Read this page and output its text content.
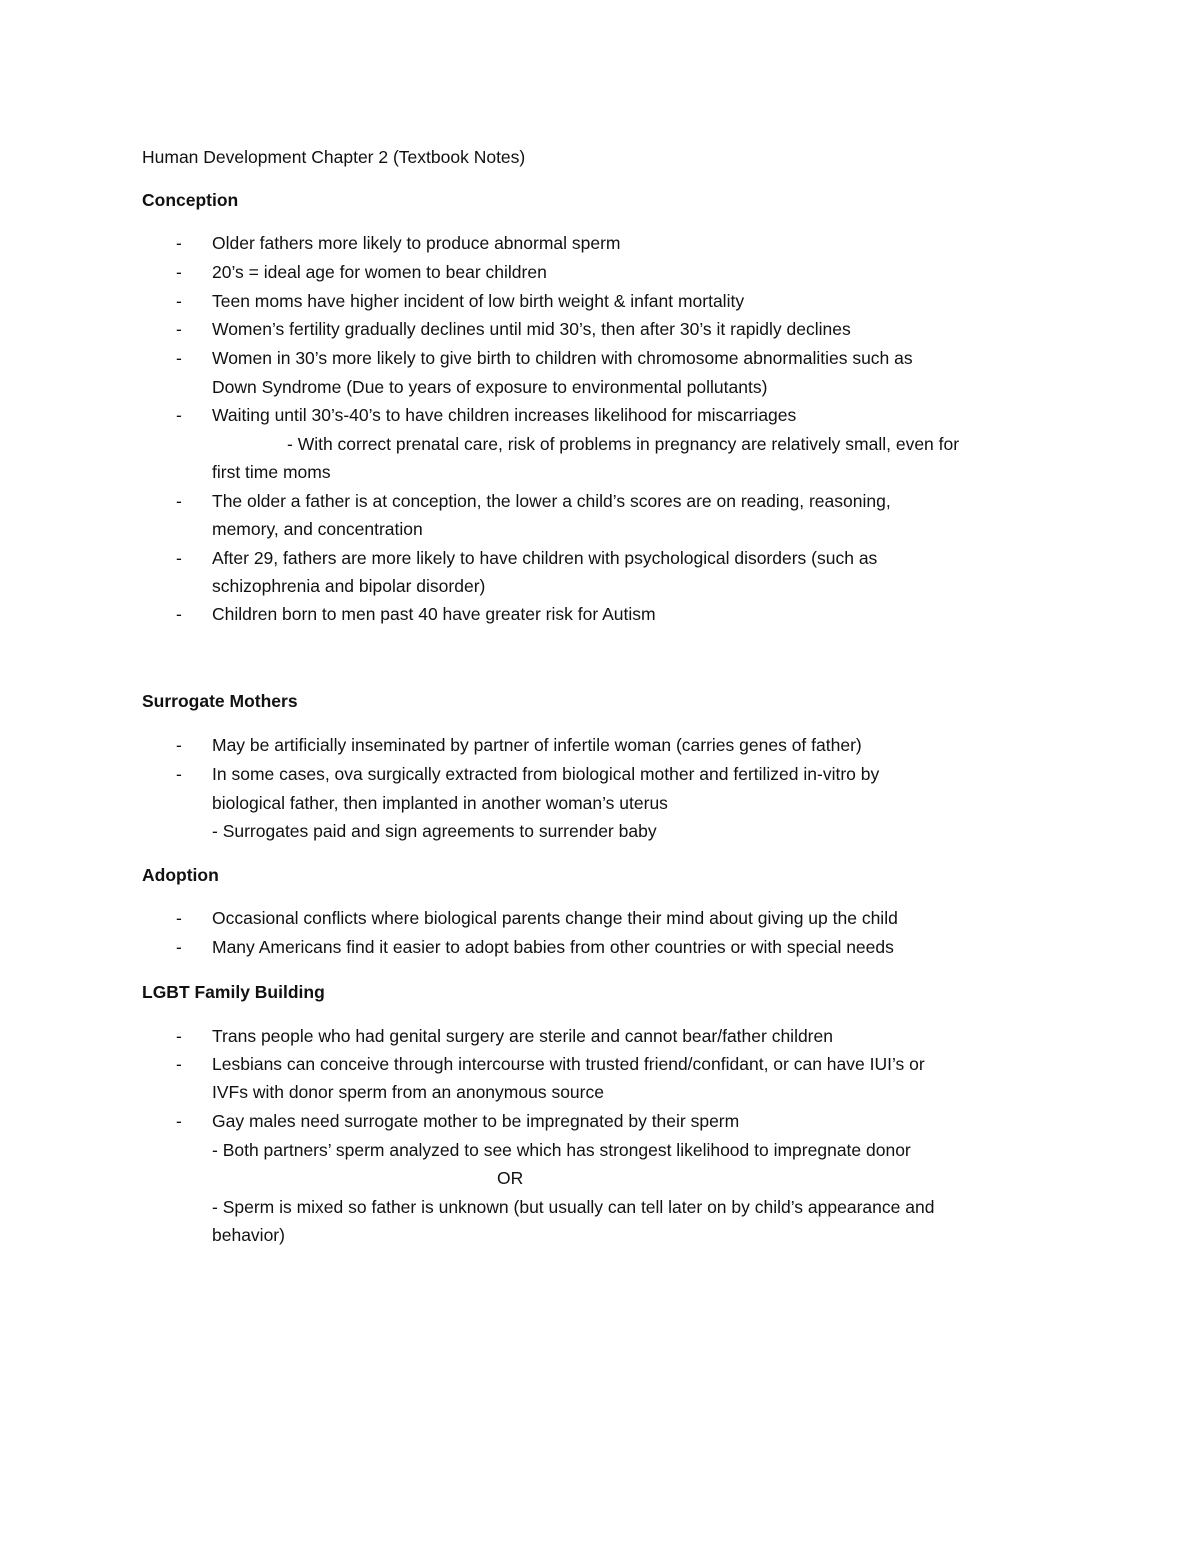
Human Development Chapter 2 (Textbook Notes)
Conception
- Older fathers more likely to produce abnormal sperm
- 20’s = ideal age for women to bear children
- Teen moms have higher incident of low birth weight & infant mortality
- Women’s fertility gradually declines until mid 30’s, then after 30’s it rapidly declines
- Women in 30’s more likely to give birth to children with chromosome abnormalities such as
Down Syndrome (Due to years of exposure to environmental pollutants)
- Waiting until 30’s-40’s to have children increases likelihood for miscarriages
- With correct prenatal care, risk of problems in pregnancy are relatively small, even for
first time moms
- The older a father is at conception, the lower a child’s scores are on reading, reasoning,
memory, and concentration
- After 29, fathers are more likely to have children with psychological disorders (such as
schizophrenia and bipolar disorder)
- Children born to men past 40 have greater risk for Autism
Surrogate Mothers
- May be artificially inseminated by partner of infertile woman (carries genes of father)
- In some cases, ova surgically extracted from biological mother and fertilized in-vitro by
biological father, then implanted in another woman’s uterus
- Surrogates paid and sign agreements to surrender baby
Adoption
- Occasional conflicts where biological parents change their mind about giving up the child
- Many Americans find it easier to adopt babies from other countries or with special needs
LGBT Family Building
- Trans people who had genital surgery are sterile and cannot bear/father children
- Lesbians can conceive through intercourse with trusted friend/confidant, or can have IUI’s or
IVFs with donor sperm from an anonymous source
- Gay males need surrogate mother to be impregnated by their sperm
- Both partners’ sperm analyzed to see which has strongest likelihood to impregnate donor
OR
- Sperm is mixed so father is unknown (but usually can tell later on by child’s appearance and
behavior)
